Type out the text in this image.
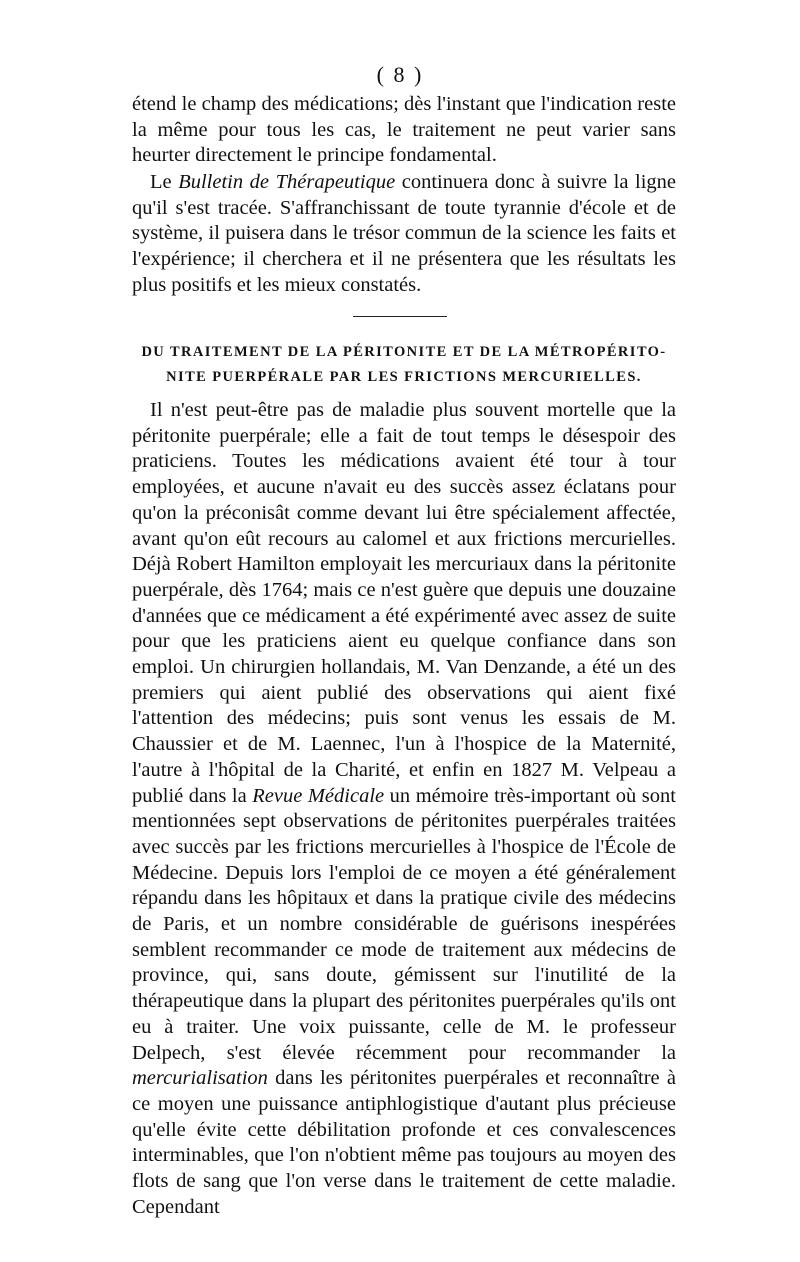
( 8 )

étend le champ des médications; dès l'instant que l'indication reste la même pour tous les cas, le traitement ne peut varier sans heurter directement le principe fondamental.

Le Bulletin de Thérapeutique continuera donc à suivre la ligne qu'il s'est tracée. S'affranchissant de toute tyrannie d'école et de système, il puisera dans le trésor commun de la science les faits et l'expérience; il cherchera et il ne présentera que les résultats les plus positifs et les mieux constatés.

DU TRAITEMENT DE LA PÉRITONITE ET DE LA MÉTROPÉRITO-
NITE PUERPÉRALE PAR LES FRICTIONS MERCURIELLES.

Il n'est peut-être pas de maladie plus souvent mortelle que la péritonite puerpérale; elle a fait de tout temps le désespoir des praticiens. Toutes les médications avaient été tour à tour employées, et aucune n'avait eu des succès assez éclatans pour qu'on la préconisât comme devant lui être spécialement affectée, avant qu'on eût recours au calomel et aux frictions mercurielles. Déjà Robert Hamilton employait les mercuriaux dans la péritonite puerpérale, dès 1764; mais ce n'est guère que depuis une douzaine d'années que ce médicament a été expérimenté avec assez de suite pour que les praticiens aient eu quelque confiance dans son emploi. Un chirurgien hollandais, M. Van Denzande, a été un des premiers qui aient publié des observations qui aient fixé l'attention des médecins; puis sont venus les essais de M. Chaussier et de M. Laennec, l'un à l'hospice de la Maternité, l'autre à l'hôpital de la Charité, et enfin en 1827 M. Velpeau a publié dans la Revue Médicale un mémoire très-important où sont mentionnées sept observations de péritonites puerpérales traitées avec succès par les frictions mercurielles à l'hospice de l'École de Médecine. Depuis lors l'emploi de ce moyen a été généralement répandu dans les hôpitaux et dans la pratique civile des médecins de Paris, et un nombre considérable de guérisons inespérées semblent recommander ce mode de traitement aux médecins de province, qui, sans doute, gémissent sur l'inutilité de la thérapeutique dans la plupart des péritonites puerpérales qu'ils ont eu à traiter. Une voix puissante, celle de M. le professeur Delpech, s'est élevée récemment pour recommander la mercurialisation dans les péritonites puerpérales et reconnaître à ce moyen une puissance antiphlogistique d'autant plus précieuse qu'elle évite cette débilitation profonde et ces convalescences interminables, que l'on n'obtient même pas toujours au moyen des flots de sang que l'on verse dans le traitement de cette maladie. Cependant
